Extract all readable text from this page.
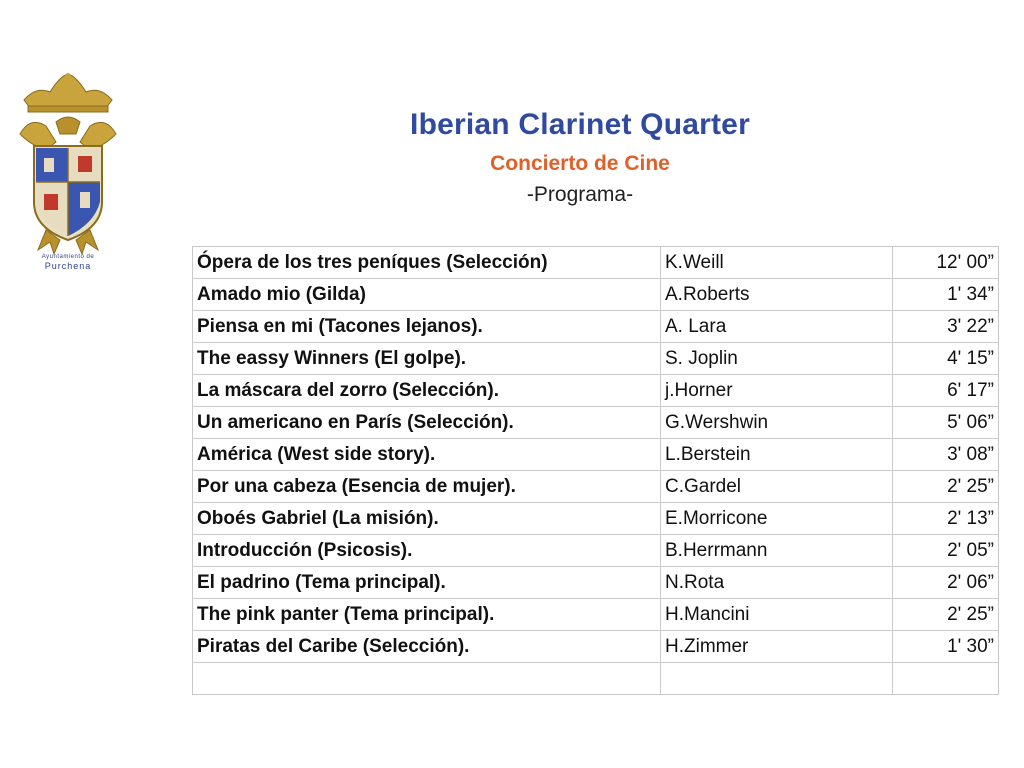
Ayuntamiento de
Purchena
Iberian Clarinet Quarter
Concierto de Cine
-Programa-
Ópera de los tres peníques (Selección)	K.Weill	12' 00”
Amado mio (Gilda)	A.Roberts	1' 34”
Piensa en mi (Tacones lejanos).	A. Lara	3' 22”
The eassy Winners (El golpe).	S. Joplin	4' 15”
La máscara del zorro (Selección).	j.Horner	6' 17”
Un americano en París (Selección).	G.Wershwin	5' 06”
América (West side story).	L.Berstein	3' 08”
Por una cabeza (Esencia de mujer).	C.Gardel	2' 25”
Oboés Gabriel (La misión).	E.Morricone	2' 13”
Introducción (Psicosis).	B.Herrmann	2' 05”
El padrino (Tema principal).	N.Rota	2' 06”
The pink panter (Tema principal).	H.Mancini	2' 25”
Piratas del Caribe (Selección).	H.Zimmer	1' 30”
